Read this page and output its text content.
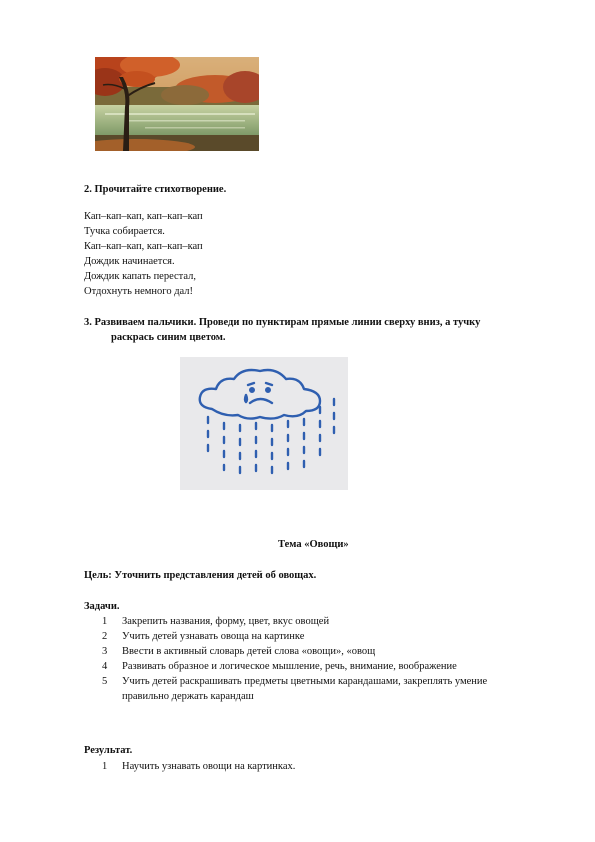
2. Прочитайте стихотворение.
Кап–кап–кап, кап–кап–кап
Тучка собирается.
Кап–кап–кап, кап–кап–кап
Дождик начинается.
Дождик капать перестал,
Отдохнуть немного дал!
3. Развиваем пальчики. Проведи по пунктирам прямые линии сверху вниз, а тучку
раскрась синим цветом.
Тема «Овощи»
Цель: Уточнить представления детей об овощах.
Задачи.
1 Закрепить названия, форму, цвет, вкус овощей
2 Учить детей узнавать овоща на картинке
3 Ввести в активный словарь детей слова «овощи», «овощ
4 Развивать образное и логическое мышление, речь, внимание, воображение
5 Учить детей раскрашивать предметы цветными карандашами, закреплять умение
правильно держать карандаш
Результат.
1 Научить узнавать овощи на картинках.
